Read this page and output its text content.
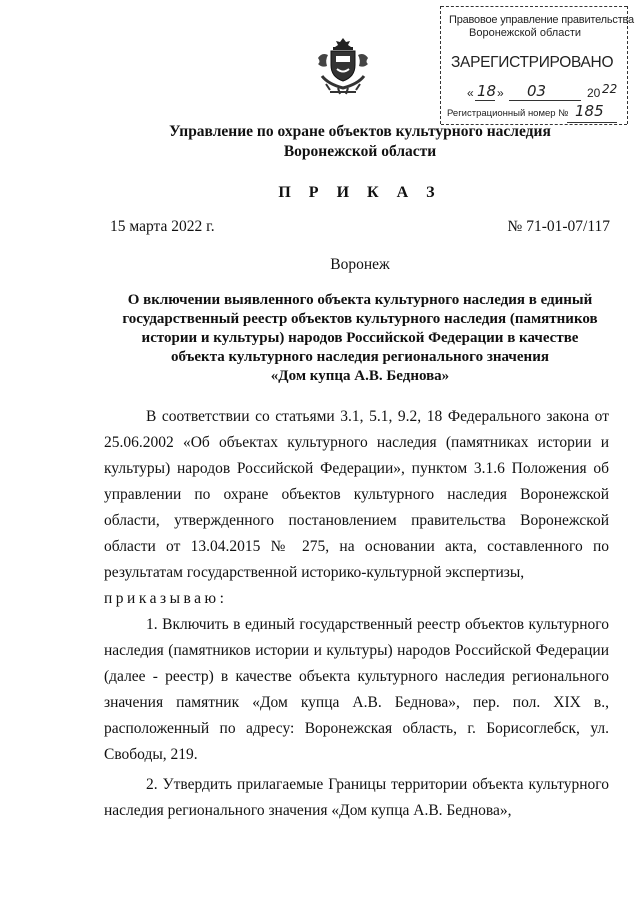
Правовое управление правительства
Воронежской области
ЗАРЕГИСТРИРОВАНО
« 18 » 03	20 22
Регистрационный номер № 185
Управление по охране объектов культурного наследия
Воронежской области
П Р И К А З
15 марта 2022 г.	№ 71-01-07/117
Воронеж
О включении выявленного объекта культурного наследия в единый
государственный реестр объектов культурного наследия (памятников
истории и культуры) народов Российской Федерации в качестве
объекта культурного наследия регионального значения
«Дом купца А.В. Беднова»

В соответствии со статьями 3.1, 5.1, 9.2, 18 Федерального закона от 25.06.2002 «Об объектах культурного наследия (памятниках истории и культуры) народов Российской Федерации», пунктом 3.1.6 Положения об управлении по охране объектов культурного наследия Воронежской области, утвержденного постановлением правительства Воронежской области от 13.04.2015 № 275, на основании акта, составленного по результатам государственной историко-культурной экспертизы,

приказываю:

1. Включить в единый государственный реестр объектов культурного наследия (памятников истории и культуры) народов Российской Федерации (далее - реестр) в качестве объекта культурного наследия регионального значения памятник «Дом купца А.В. Беднова», пер. пол. XIX в., расположенный по адресу: Воронежская область, г. Борисоглебск, ул. Свободы, 219.

2. Утвердить прилагаемые Границы территории объекта культурного наследия регионального значения «Дом купца А.В. Беднова»,
